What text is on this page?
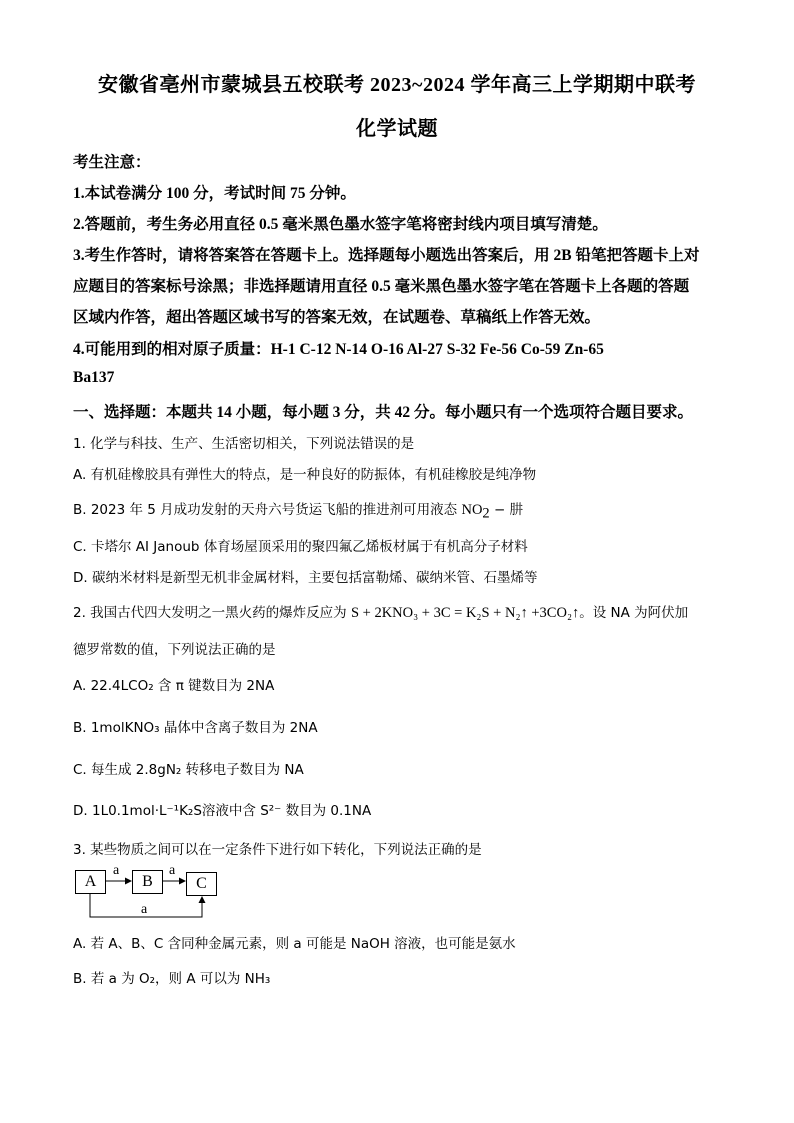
安徽省亳州市蒙城县五校联考 2023~2024 学年高三上学期期中联考
化学试题
考生注意：
1.本试卷满分 100 分，考试时间 75 分钟。
2.答题前，考生务必用直径 0.5 毫米黑色墨水签字笔将密封线内项目填写清楚。
3.考生作答时，请将答案答在答题卡上。选择题每小题选出答案后，用 2B 铅笔把答题卡上对
应题目的答案标号涂黑；非选择题请用直径 0.5 毫米黑色墨水签字笔在答题卡上各题的答题
区域内作答，超出答题区域书写的答案无效，在试题卷、草稿纸上作答无效。
4.可能用到的相对原子质量：H-1 C-12 N-14 O-16 Al-27 S-32 Fe-56 Co-59 Zn-65
Ba137
一、选择题：本题共 14 小题，每小题 3 分，共 42 分。每小题只有一个选项符合题目要求。
1. 化学与科技、生产、生活密切相关，下列说法错误的是
A. 有机硅橡胶具有弹性大的特点，是一种良好的防振体，有机硅橡胶是纯净物
B. 2023 年 5 月成功发射的天舟六号货运飞船的推进剂可用液态 $NO_2$ − 肼
C. 卡塔尔 AI Janoub 体育场屋顶采用的聚四氟乙烯板材属于有机高分子材料
D. 碳纳米材料是新型无机非金属材料，主要包括富勒烯、碳纳米管、石墨烯等
2. 我国古代四大发明之一黑火药的爆炸反应为 S + 2KNO₃ + 3C = K₂S + N₂↑ +3CO₂↑。设 NA 为阿伏加
德罗常数的值，下列说法正确的是
A. 22.4LCO₂ 含 π 键数目为 2NA
B. 1molKNO₃ 晶体中含离子数目为 2NA
C. 每生成 2.8gN₂ 转移电子数目为 NA
D. 1L0.1mol·L⁻¹K₂S溶液中含 S²⁻ 数目为 0.1NA
3. 某些物质之间可以在一定条件下进行如下转化，下列说法正确的是
A	B	C
a	a
a
A. 若 A、B、C 含同种金属元素，则 a 可能是 NaOH 溶液，也可能是氨水
B. 若 a 为 O₂，则 A 可以为 NH₃
